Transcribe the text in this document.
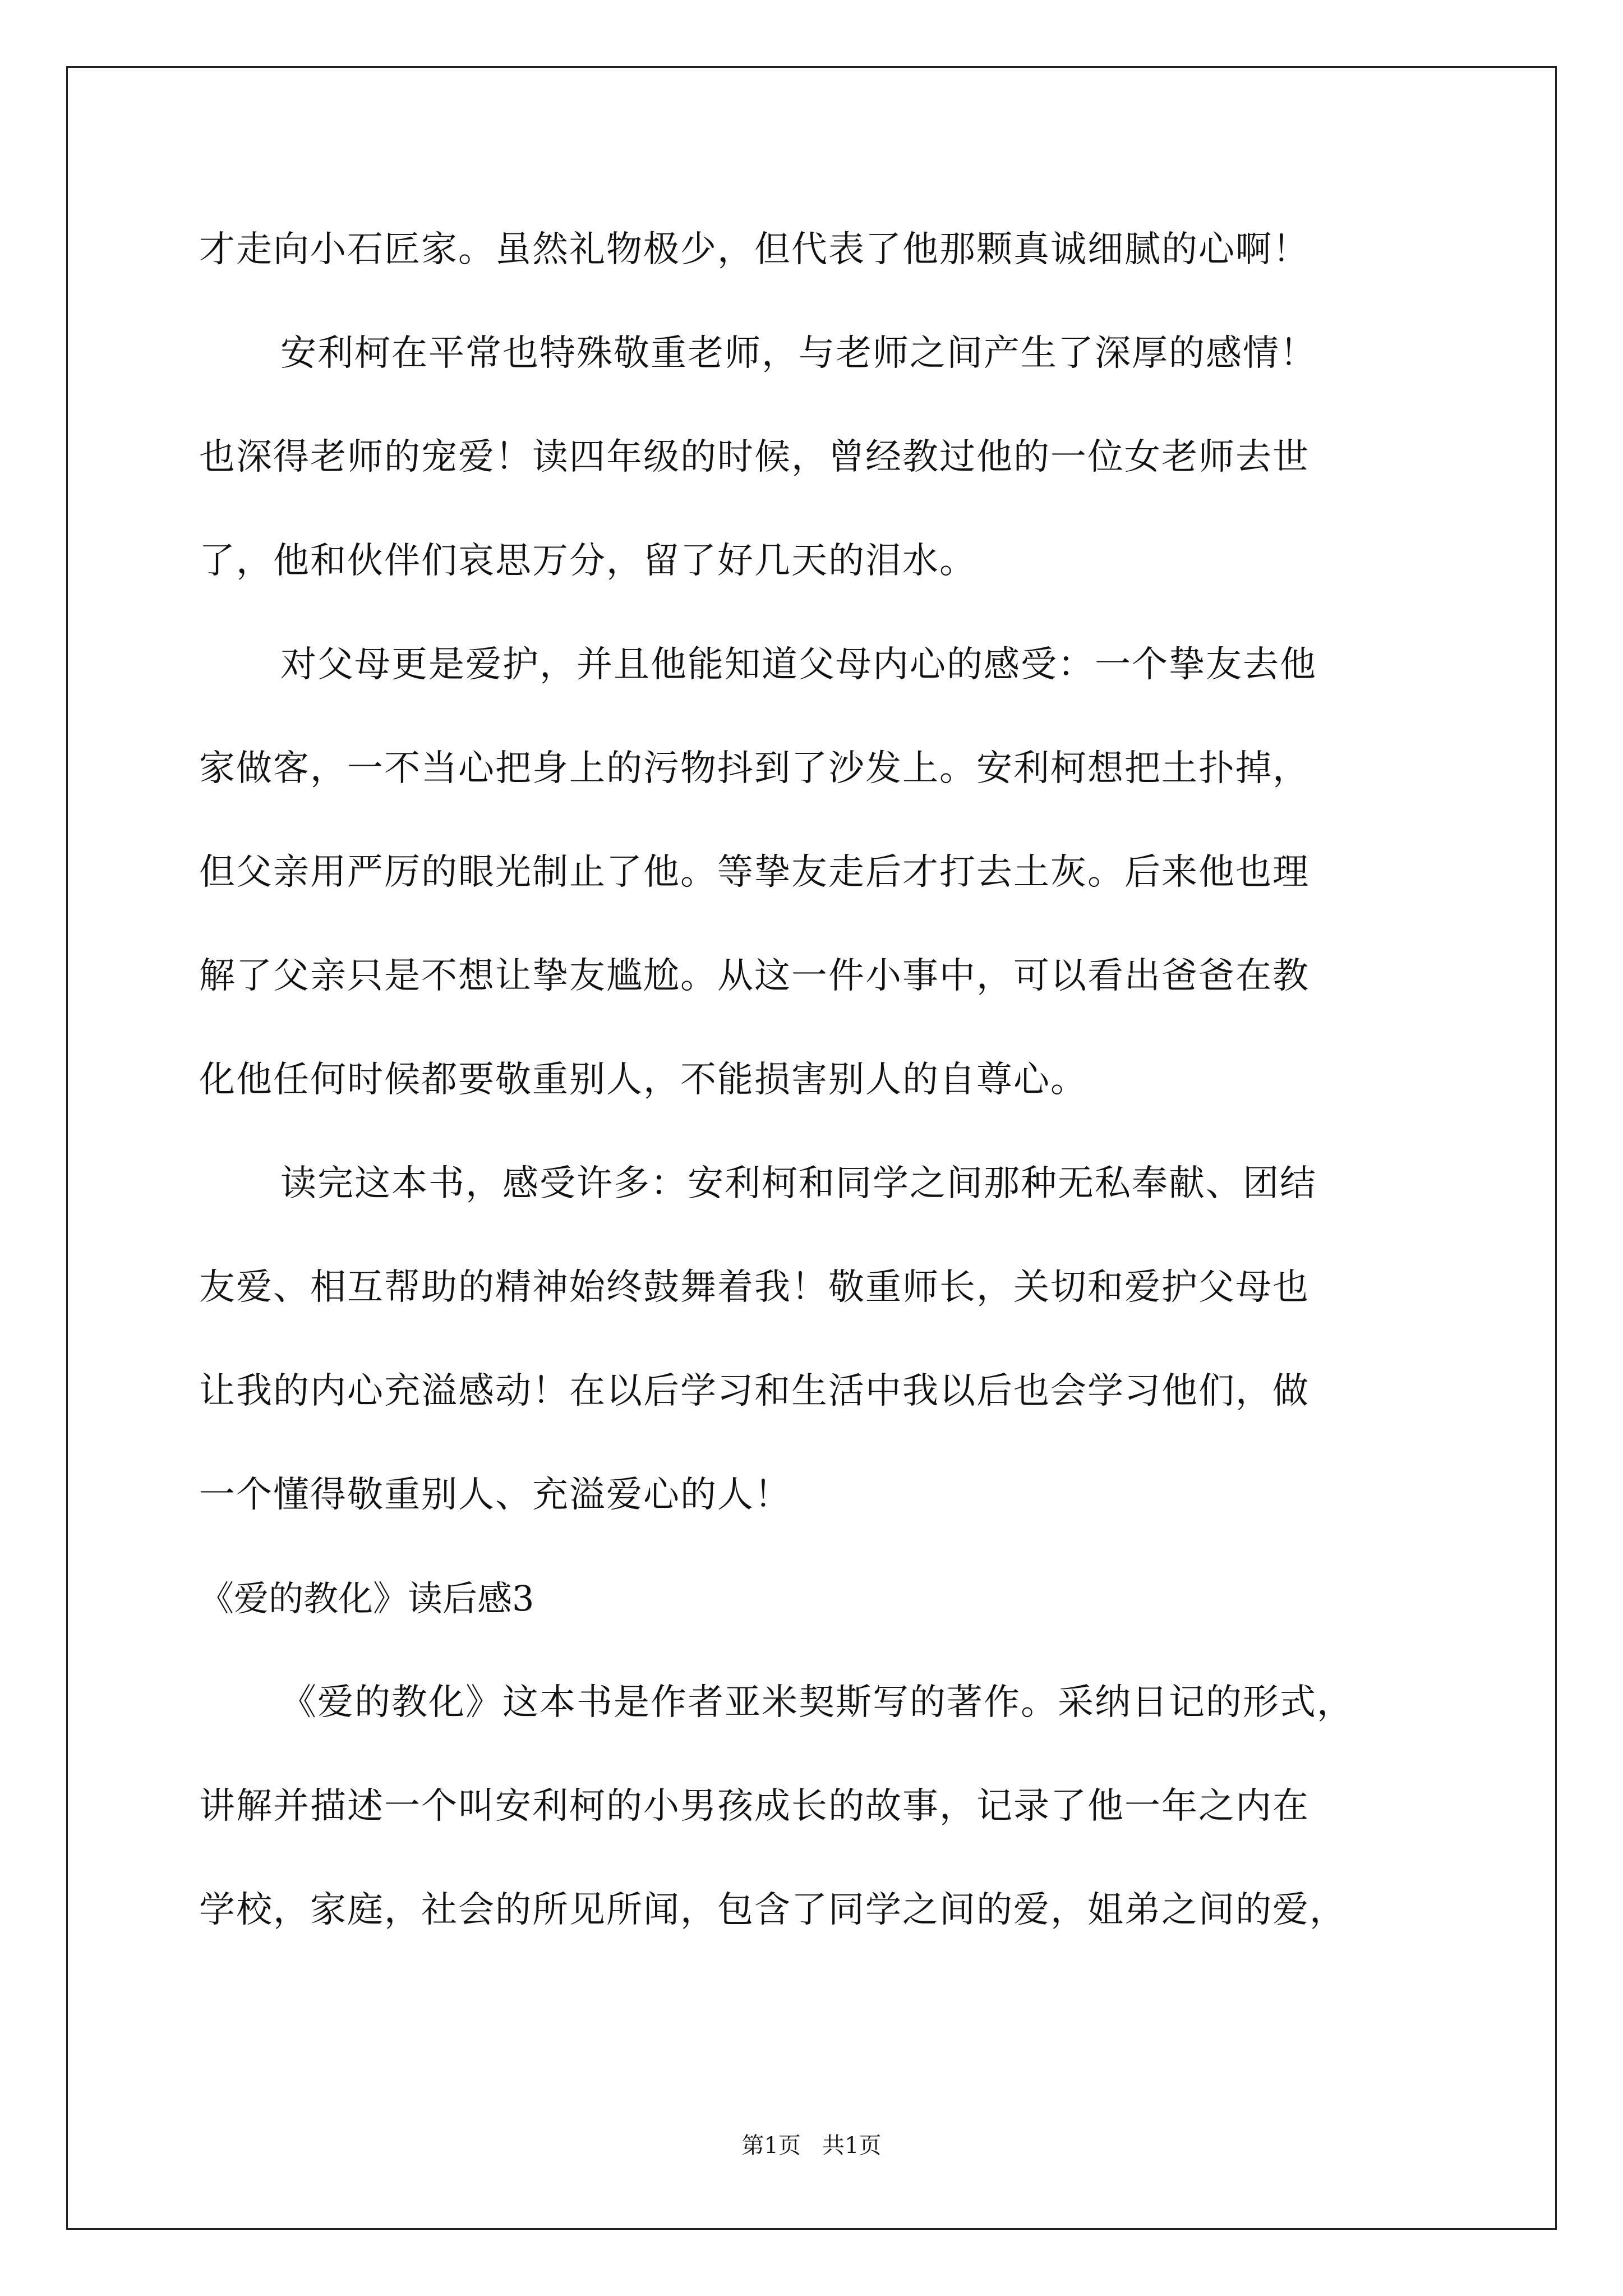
才走向小石匠家。虽然礼物极少，但代表了他那颗真诚细腻的心啊！

安利柯在平常也特殊敬重老师，与老师之间产生了深厚的感情！

也深得老师的宠爱！读四年级的时候，曾经教过他的一位女老师去世

了，他和伙伴们哀思万分，留了好几天的泪水。

对父母更是爱护，并且他能知道父母内心的感受：一个挚友去他

家做客，一不当心把身上的污物抖到了沙发上。安利柯想把土扑掉，

但父亲用严厉的眼光制止了他。等挚友走后才打去土灰。后来他也理

解了父亲只是不想让挚友尴尬。从这一件小事中，可以看出爸爸在教

化他任何时候都要敬重别人，不能损害别人的自尊心。

读完这本书，感受许多：安利柯和同学之间那种无私奉献、团结

友爱、相互帮助的精神始终鼓舞着我！敬重师长，关切和爱护父母也

让我的内心充溢感动！在以后学习和生活中我以后也会学习他们，做

一个懂得敬重别人、充溢爱心的人！

《爱的教化》读后感3

《爱的教化》这本书是作者亚米契斯写的著作。采纳日记的形式，

讲解并描述一个叫安利柯的小男孩成长的故事，记录了他一年之内在

学校，家庭，社会的所见所闻，包含了同学之间的爱，姐弟之间的爱，

第1页   共1页
